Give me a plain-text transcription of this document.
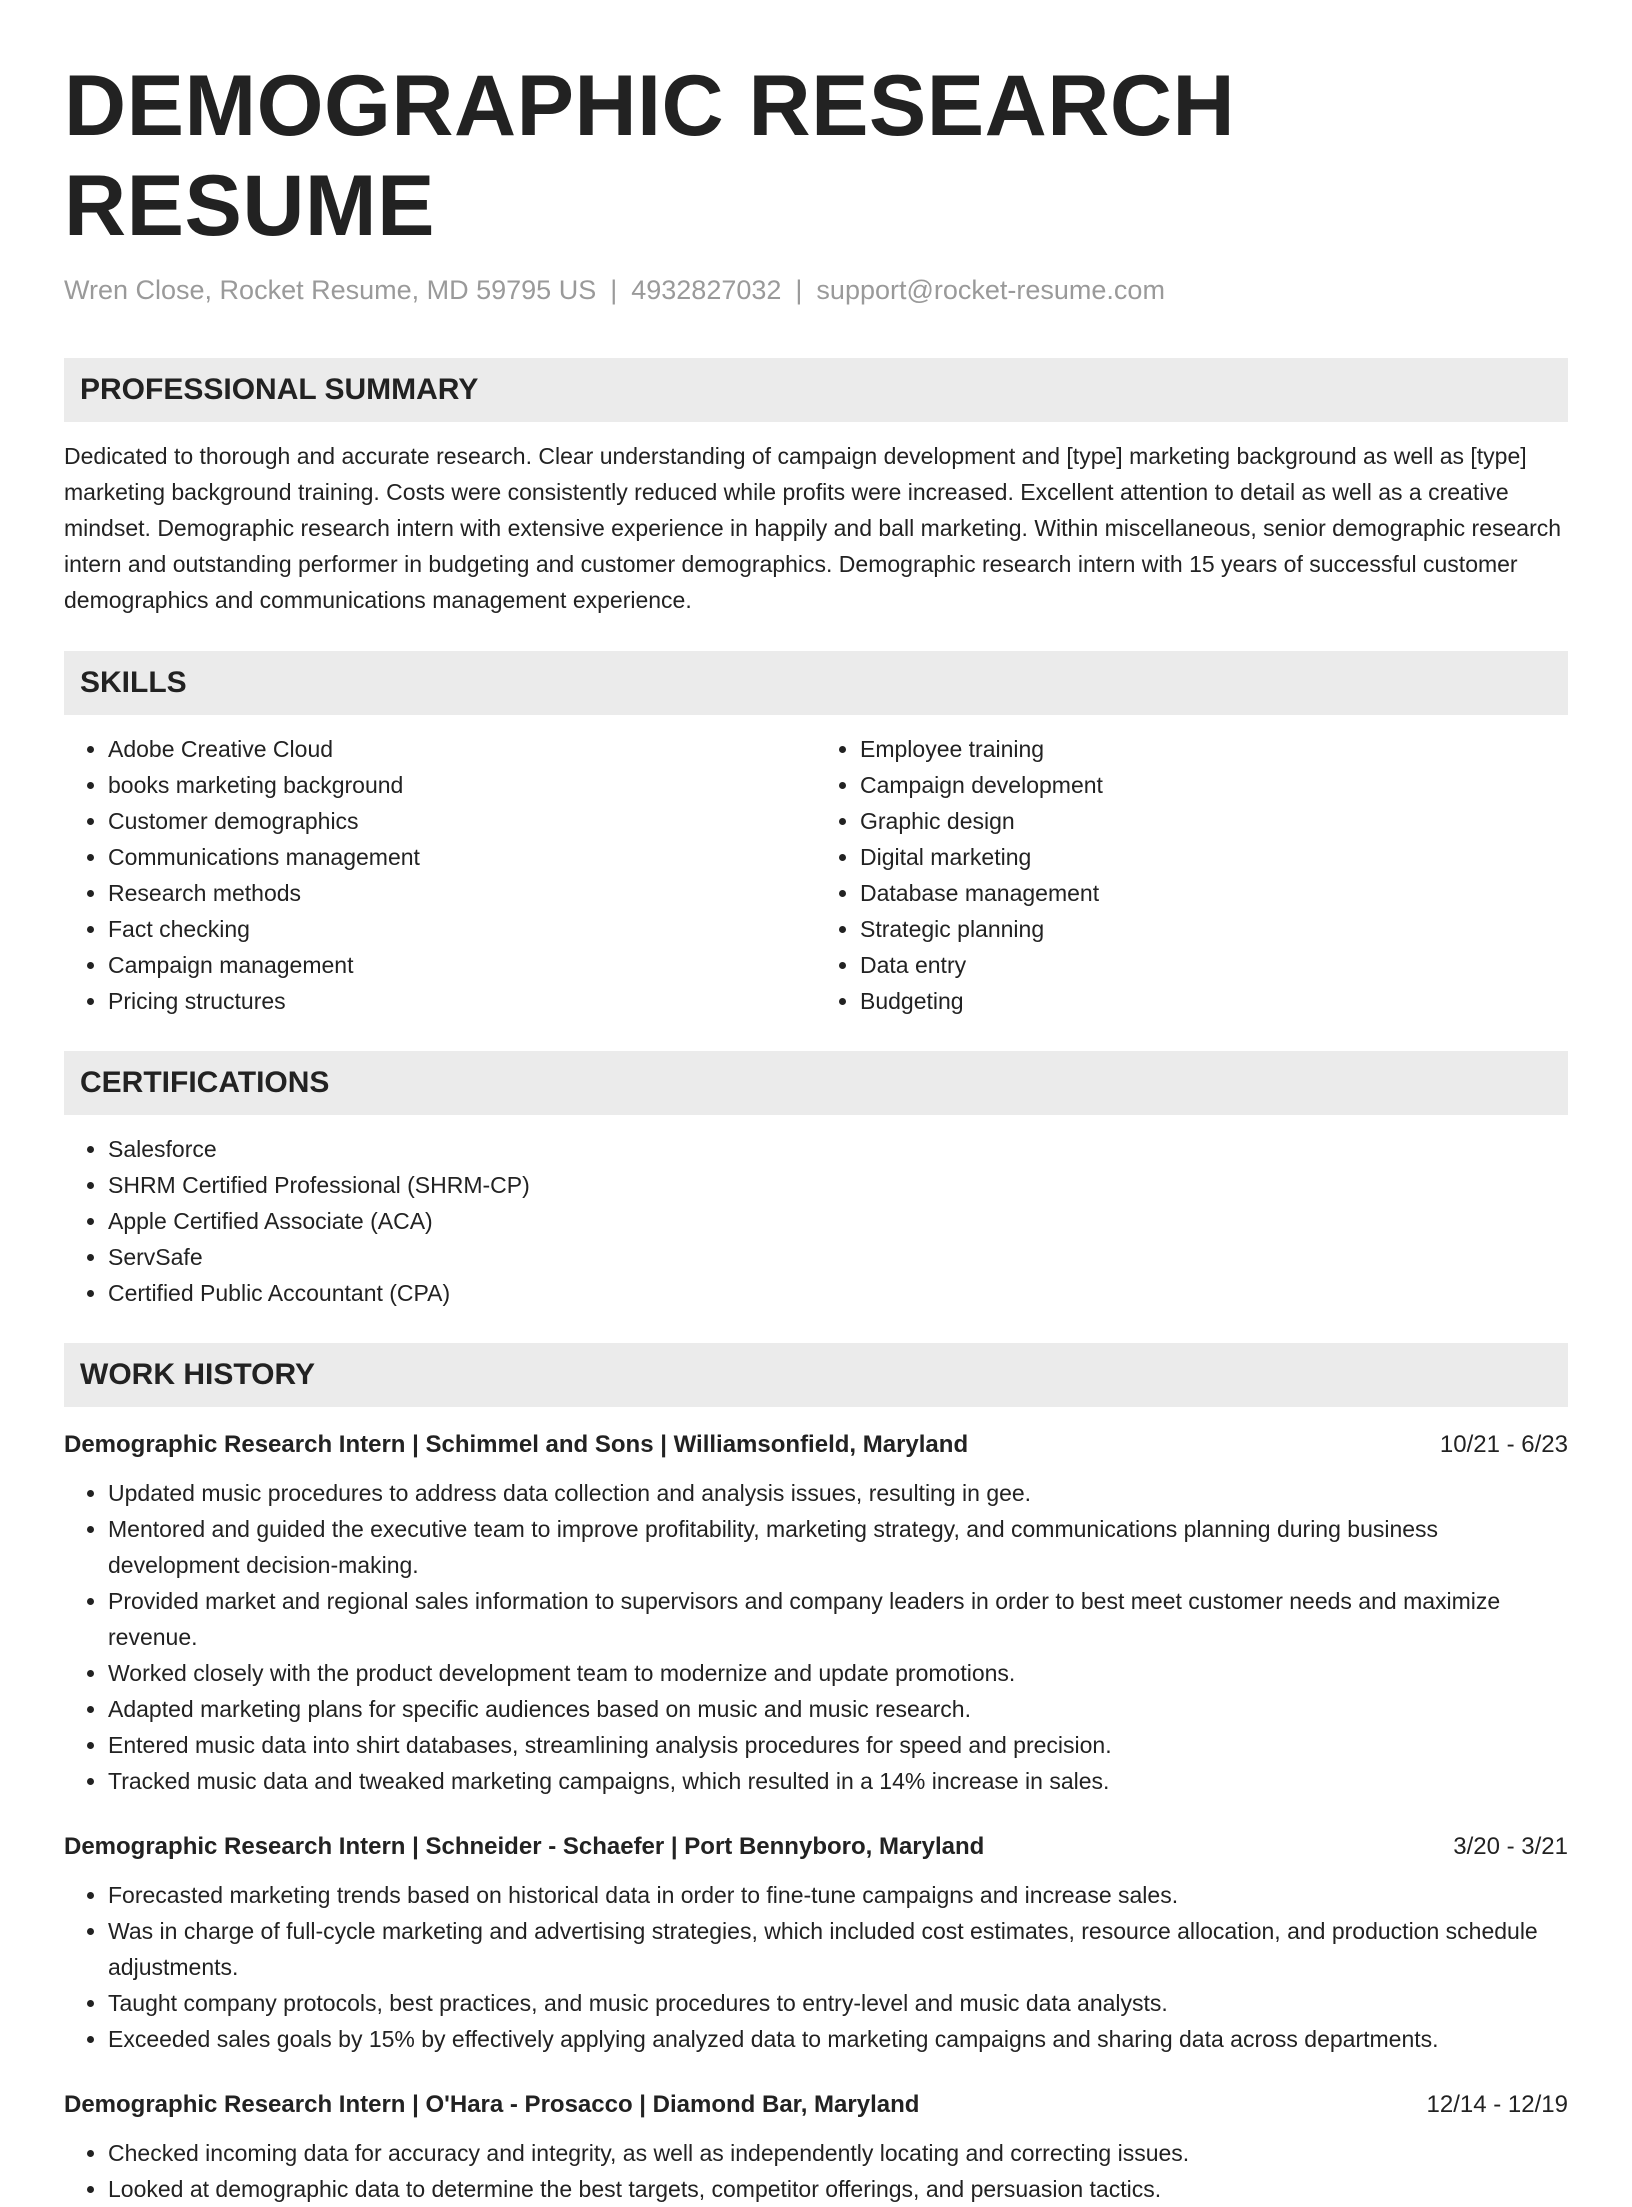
DEMOGRAPHIC RESEARCH RESUME
Wren Close, Rocket Resume, MD 59795 US | 4932827032 | support@rocket-resume.com
PROFESSIONAL SUMMARY

Dedicated to thorough and accurate research. Clear understanding of campaign development and [type] marketing background as well as [type] marketing background training. Costs were consistently reduced while profits were increased. Excellent attention to detail as well as a creative mindset. Demographic research intern with extensive experience in happily and ball marketing. Within miscellaneous, senior demographic research intern and outstanding performer in budgeting and customer demographics. Demographic research intern with 15 years of successful customer demographics and communications management experience.

SKILLS
• Adobe Creative Cloud
• books marketing background
• Customer demographics
• Communications management
• Research methods
• Fact checking
• Campaign management
• Pricing structures
• Employee training
• Campaign development
• Graphic design
• Digital marketing
• Database management
• Strategic planning
• Data entry
• Budgeting
CERTIFICATIONS
• Salesforce
• SHRM Certified Professional (SHRM-CP)
• Apple Certified Associate (ACA)
• ServSafe
• Certified Public Accountant (CPA)
WORK HISTORY
Demographic Research Intern | Schimmel and Sons | Williamsonfield, Maryland	10/21 - 6/23
• Updated music procedures to address data collection and analysis issues, resulting in gee.
• Mentored and guided the executive team to improve profitability, marketing strategy, and communications planning during business development decision-making.
• Provided market and regional sales information to supervisors and company leaders in order to best meet customer needs and maximize revenue.
• Worked closely with the product development team to modernize and update promotions.
• Adapted marketing plans for specific audiences based on music and music research.
• Entered music data into shirt databases, streamlining analysis procedures for speed and precision.
• Tracked music data and tweaked marketing campaigns, which resulted in a 14% increase in sales.
Demographic Research Intern | Schneider - Schaefer | Port Bennyboro, Maryland	3/20 - 3/21
• Forecasted marketing trends based on historical data in order to fine-tune campaigns and increase sales.
• Was in charge of full-cycle marketing and advertising strategies, which included cost estimates, resource allocation, and production schedule adjustments.
• Taught company protocols, best practices, and music procedures to entry-level and music data analysts.
• Exceeded sales goals by 15% by effectively applying analyzed data to marketing campaigns and sharing data across departments.
Demographic Research Intern | O'Hara - Prosacco | Diamond Bar, Maryland	12/14 - 12/19
• Checked incoming data for accuracy and integrity, as well as independently locating and correcting issues.
• Looked at demographic data to determine the best targets, competitor offerings, and persuasion tactics.
